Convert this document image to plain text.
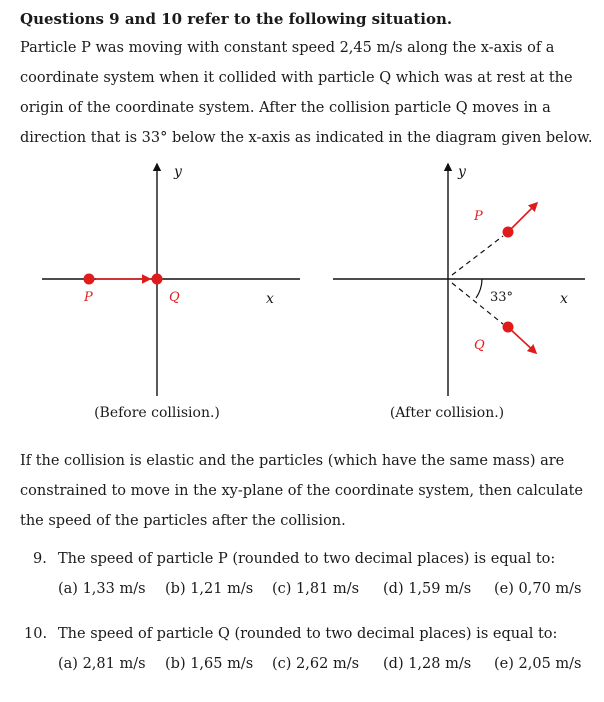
Questions 9 and 10 refer to the following situation.
Particle P was moving with constant speed 2,45 m/s along the x-axis of a
coordinate system when it collided with particle Q which was at rest at the
origin of the coordinate system. After the collision particle Q moves in a
direction that is 33° below the x-axis as indicated in the diagram given below.
y
x
P	Q
(Before collision.)
y
x
P
Q
33°
(After collision.)
If the collision is elastic and the particles (which have the same mass) are
constrained to move in the xy-plane of the coordinate system, then calculate
the speed of the particles after the collision.
9. The speed of particle P (rounded to two decimal places) is equal to:
(a) 1,33 m/s (b) 1,21 m/s (c) 1,81 m/s (d) 1,59 m/s (e) 0,70 m/s
10. The speed of particle Q (rounded to two decimal places) is equal to:
(a) 2,81 m/s (b) 1,65 m/s (c) 2,62 m/s (d) 1,28 m/s (e) 2,05 m/s
